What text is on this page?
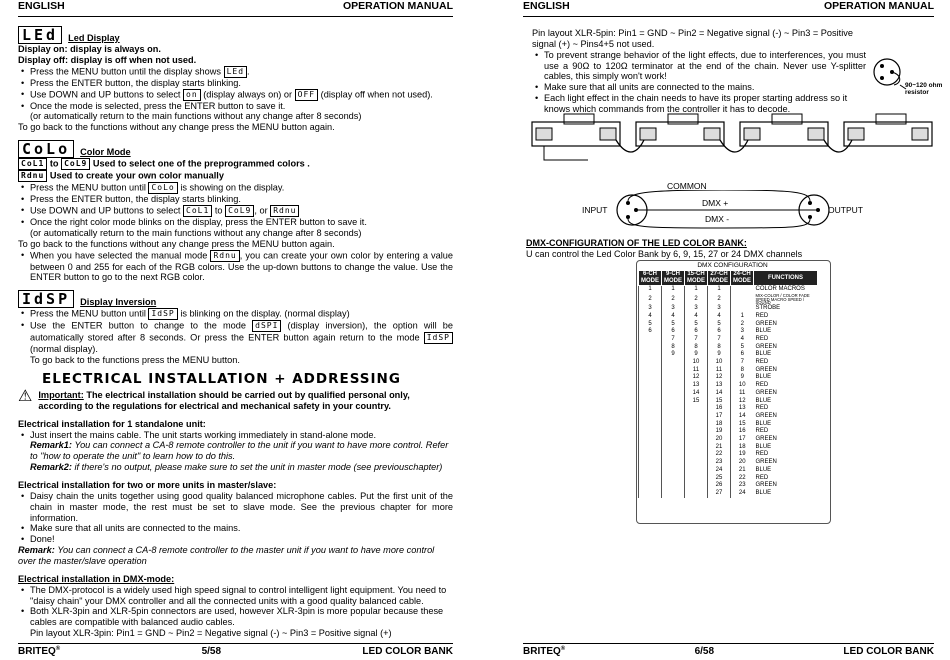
ENGLISH	OPERATION MANUAL
LEd	Led Display

Display on: display is always on.

Display off: display is off when not used.

• Press the MENU button until the display shows LEd .
• Press the ENTER button, the display starts blinking.
• Use DOWN and UP buttons to select on (display always on) or OFF (display off when not used).
• Once the mode is selected, press the ENTER button to save it.
(or automatically return to the main functions without any change after 8 seconds)

To go back to the functions without any change press the MENU button again.

CoLo	Color Mode

CoL1 to CoL9 Used to select one of the preprogrammed colors .

Rdnu Used to create your own color manually

• Press the MENU button until CoLo is showing on the display.
• Press the ENTER button, the display starts blinking.
• Use DOWN and UP buttons to select CoL1 to CoL9 , or Rdnu
• Once the right color mode blinks on the display, press the ENTER button to save it.
(or automatically return to the main functions without any change after 8 seconds)

To go back to the functions without any change press the MENU button again.

• When you have selected the manual mode Rdnu , you can create your own color by entering a value between 0 and 255 for each of the RGB colors. Use the up-down buttons to change the value. Use the ENTER button to go to the next RGB color.
IdSP	Display Inversion
• Press the MENU button until IdSP is blinking on the display. (normal display)
• Use the ENTER button to change to the mode dSPI (display inversion), the option will be automatically stored after 8 seconds. Or press the ENTER button again return to the mode IdSP (normal display).

To go back to the functions press the MENU button.

ELECTRICAL INSTALLATION + ADDRESSING
⚠ Important: The electrical installation should be carried out by qualified personal only, according to the regulations for electrical and mechanical safety in your country.

Electrical installation for 1 standalone unit:

• Just insert the mains cable. The unit starts working immediately in stand-alone mode.

Remark1: You can connect a CA-8 remote controller to the unit if you want to have more control. Refer to "how to operate the unit" to learn how to do this.

Remark2: if there's no output, please make sure to set the unit in master mode (see previouschapter)

Electrical installation for two or more units in master/slave:

• Daisy chain the units together using good quality balanced microphone cables. Put the first unit of the chain in master mode, the rest must be set to slave mode. See the previous chapter for more information.
• Make sure that all units are connected to the mains.
• Done!

Remark: You can connect a CA-8 remote controller to the master unit if you want to have more control over the master/slave operation

Electrical installation in DMX-mode:

• The DMX-protocol is a widely used high speed signal to control intelligent light equipment. You need to "daisy chain" your DMX controller and all the connected units with a good quality balanced cable.
• Both XLR-3pin and XLR-5pin connectors are used, however XLR-3pin is more popular because these cables are compatible with balanced audio cables.

Pin layout XLR-3pin: Pin1 = GND ~ Pin2 = Negative signal (-) ~ Pin3 = Positive signal (+)

BRITEQ®	5/58	LED COLOR BANK
ENGLISH	OPERATION MANUAL
BRITEQ®	6/58	LED COLOR BANK

Pin layout XLR-5pin: Pin1 = GND ~ Pin2 = Negative signal (-) ~ Pin3 = Positive signal (+) ~ Pins4+5 not used.

• To prevent strange behavior of the light effects, due to interferences, you must use a 90Ω to 120Ω terminator at the end of the chain. Never use Y-splitter cables, this simply won't work!
• Make sure that all units are connected to the mains.
• Each light effect in the chain needs to have its proper starting address so it knows which commands from the controller it has to decode.
90~120 ohm resistor
COMMON
INPUT	OUTPUT
DMX +
DMX -

DMX-CONFIGURATION OF THE LED COLOR BANK:

U can control the Led Color Bank by 6, 9, 15, 27 or 24 DMX channels

DMX CONFIGURATION
6-CH
MODE	9-CH
MODE	15-CH
MODE	27-CH
MODE	24-CH
MODE	FUNCTIONS
1	1	1	1		COLOR MACROS
2	2	2	2		MIX-COLOR / COLOR FADE SPEED MACRO SPEED / SOUND
3	3	3	3		STROBE
4	4	4	4	1	RED
5	5	5	5	2	GREEN
6	6	6	6	3	BLUE
	7	7	7	4	RED
	8	8	8	5	GREEN
	9	9	9	6	BLUE
		10	10	7	RED
		11	11	8	GREEN
		12	12	9	BLUE
		13	13	10	RED
		14	14	11	GREEN
		15	15	12	BLUE
			16	13	RED
			17	14	GREEN
			18	15	BLUE
			19	16	RED
			20	17	GREEN
			21	18	BLUE
			22	19	RED
			23	20	GREEN
			24	21	BLUE
			25	22	RED
			26	23	GREEN
			27	24	BLUE
